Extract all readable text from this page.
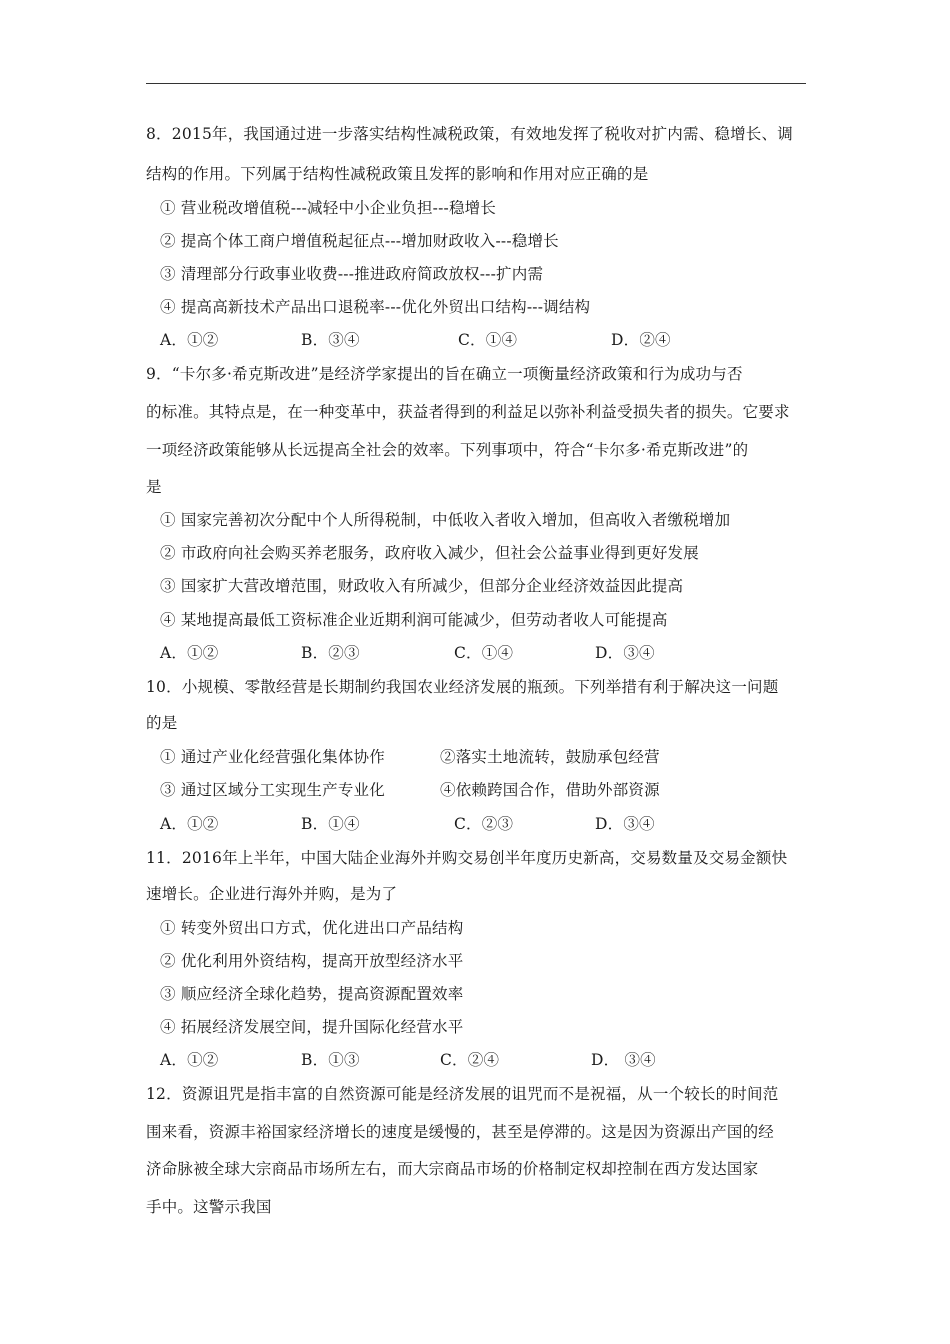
8．2015年，我国通过进一步落实结构性减税政策，有效地发挥了税收对扩内需、稳增长、调
结构的作用。下列属于结构性减税政策且发挥的影响和作用对应正确的是
① 营业税改增值税---减轻中小企业负担---稳增长
② 提高个体工商户增值税起征点---增加财政收入---稳增长
③ 清理部分行政事业收费---推进政府简政放权---扩内需
④ 提高高新技术产品出口退税率---优化外贸出口结构---调结构
A．①②	B．③④	C．①④	D．②④
9．“卡尔多·希克斯改进”是经济学家提出的旨在确立一项衡量经济政策和行为成功与否
的标准。其特点是，在一种变革中，获益者得到的利益足以弥补利益受损失者的损失。它要求
一项经济政策能够从长远提高全社会的效率。下列事项中，符合“卡尔多·希克斯改进”的
是
① 国家完善初次分配中个人所得税制，中低收入者收入增加，但高收入者缴税增加
② 市政府向社会购买养老服务，政府收入减少，但社会公益事业得到更好发展
③ 国家扩大营改增范围，财政收入有所减少，但部分企业经济效益因此提高
④ 某地提高最低工资标准企业近期利润可能减少，但劳动者收人可能提高
A．①②	B．②③	C．①④	D．③④
10．小规模、零散经营是长期制约我国农业经济发展的瓶颈。下列举措有利于解决这一问题
的是
① 通过产业化经营强化集体协作	②落实土地流转，鼓励承包经营
③ 通过区域分工实现生产专业化	④依赖跨国合作，借助外部资源
A．①②	B．①④	C．②③	D．③④
11．2016年上半年，中国大陆企业海外并购交易创半年度历史新高，交易数量及交易金额快
速增长。企业进行海外并购，是为了
① 转变外贸出口方式，优化进出口产品结构
② 优化利用外资结构，提高开放型经济水平
③ 顺应经济全球化趋势，提高资源配置效率
④ 拓展经济发展空间，提升国际化经营水平
A．①②	B．①③	C．②④	D． ③④
12．资源诅咒是指丰富的自然资源可能是经济发展的诅咒而不是祝福，从一个较长的时间范
围来看，资源丰裕国家经济增长的速度是缓慢的，甚至是停滞的。这是因为资源出产国的经
济命脉被全球大宗商品市场所左右，而大宗商品市场的价格制定权却控制在西方发达国家
手中。这警示我国
